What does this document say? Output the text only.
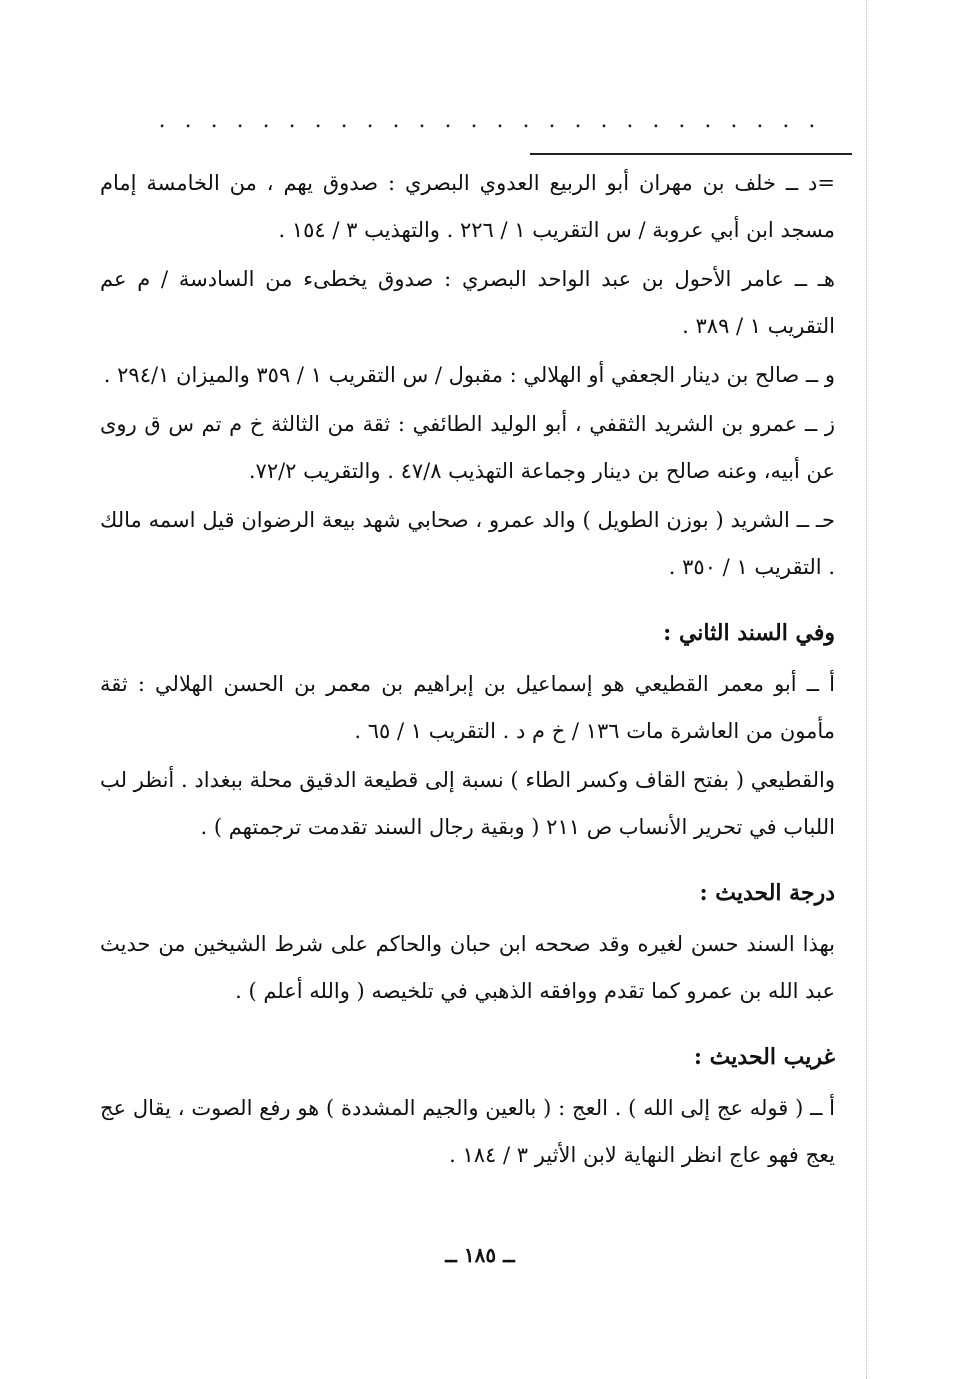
. . . . . . . . . . . . . . . . . . . . . . . . . .

=د ــ خلف بن مهران أبو الربيع العدوي البصري : صدوق يهم ، من الخامسة إمام مسجد ابن أبي عروبة / س التقريب ١ / ٢٢٦ . والتهذيب ٣ / ١٥٤ .

هـ ــ عامر الأحول بن عبد الواحد البصري : صدوق يخطىء من السادسة / م عم التقريب ١ / ٣٨٩ .

و ــ صالح بن دينار الجعفي أو الهلالي : مقبول / س التقريب ١ / ٣٥٩ والميزان ٢٩٤/١ .

ز ــ عمرو بن الشريد الثقفي ، أبو الوليد الطائفي : ثقة من الثالثة خ م تم س ق روى عن أبيه، وعنه صالح بن دينار وجماعة التهذيب ٤٧/٨ . والتقريب ٧٢/٢.

حـ ــ الشريد ( بوزن الطويل ) والد عمرو ، صحابي شهد بيعة الرضوان قيل اسمه مالك . التقريب ١ / ٣٥٠ .

وفي السند الثاني :

أ ــ أبو معمر القطيعي هو إسماعيل بن إبراهيم بن معمر بن الحسن الهلالي : ثقة مأمون من العاشرة مات ١٣٦ / خ م د . التقريب ١ / ٦٥ .

والقطيعي ( بفتح القاف وكسر الطاء ) نسبة إلى قطيعة الدقيق محلة ببغداد . أنظر لب اللباب في تحرير الأنساب ص ٢١١ ( وبقية رجال السند تقدمت ترجمتهم ) .

درجة الحديث :

بهذا السند حسن لغيره وقد صححه ابن حبان والحاكم على شرط الشيخين من حديث عبد الله بن عمرو كما تقدم ووافقه الذهبي في تلخيصه ( والله أعلم ) .

غريب الحديث :

أ ــ ( قوله عج إلى الله ) . العج : ( بالعين والجيم المشددة ) هو رفع الصوت ، يقال عج يعج فهو عاج انظر النهاية لابن الأثير ٣ / ١٨٤ .

ــ ١٨٥ ــ
